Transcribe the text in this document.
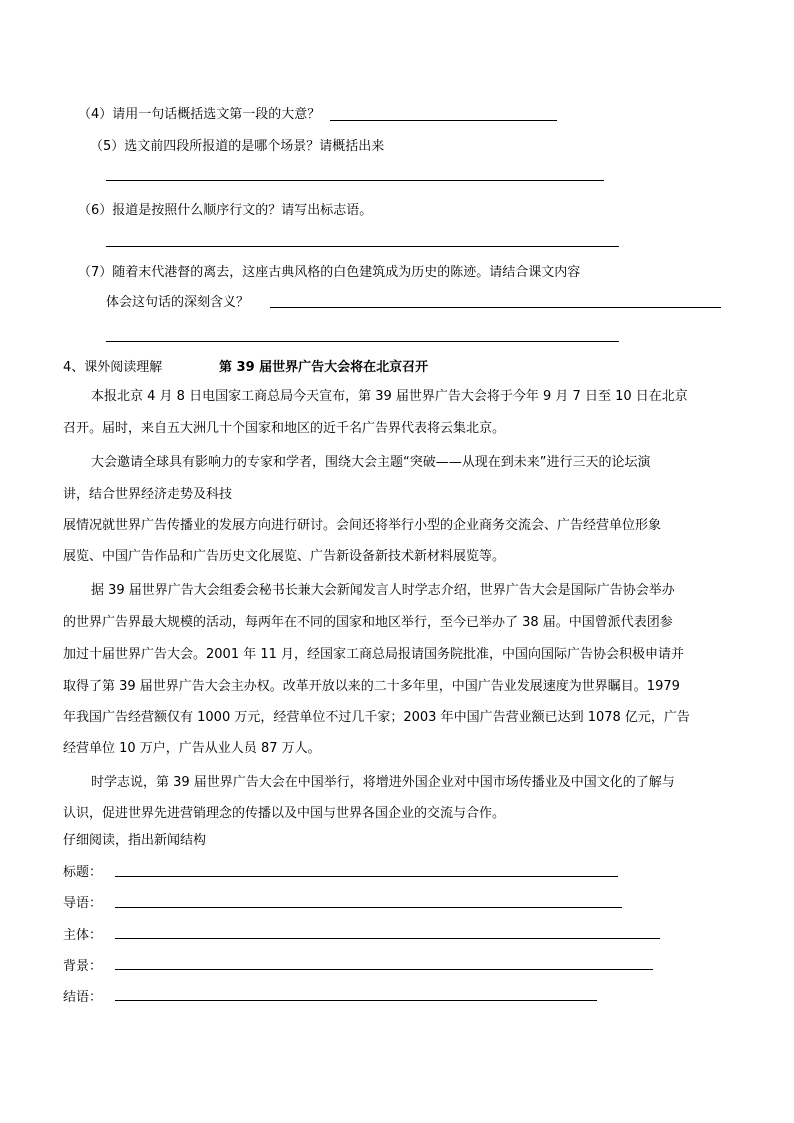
（4）请用一句话概括选文第一段的大意？
（5）选文前四段所报道的是哪个场景？请概括出来
（6）报道是按照什么顺序行文的？请写出标志语。
（7）随着末代港督的离去，这座古典风格的白色建筑成为历史的陈迹。请结合课文内容
体会这句话的深刻含义？
4、课外阅读理解	第 39 届世界广告大会将在北京召开
本报北京 4 月 8 日电国家工商总局今天宣布，第 39 届世界广告大会将于今年 9 月 7 日至 10 日在北京
召开。届时，来自五大洲几十个国家和地区的近千名广告界代表将云集北京。
大会邀请全球具有影响力的专家和学者，围绕大会主题“突破——从现在到未来”进行三天的论坛演
讲，结合世界经济走势及科技
展情况就世界广告传播业的发展方向进行研讨。会间还将举行小型的企业商务交流会、广告经营单位形象
展览、中国广告作品和广告历史文化展览、广告新设备新技术新材料展览等。
据 39 届世界广告大会组委会秘书长兼大会新闻发言人时学志介绍，世界广告大会是国际广告协会举办
的世界广告界最大规模的活动，每两年在不同的国家和地区举行，至今已举办了 38 届。中国曾派代表团参
加过十届世界广告大会。2001 年 11 月，经国家工商总局报请国务院批准，中国向国际广告协会积极申请并
取得了第 39 届世界广告大会主办权。改革开放以来的二十多年里，中国广告业发展速度为世界瞩目。1979
年我国广告经营额仅有 1000 万元，经营单位不过几千家；2003 年中国广告营业额已达到 1078 亿元，广告
经营单位 10 万户，广告从业人员 87 万人。
时学志说，第 39 届世界广告大会在中国举行，将增进外国企业对中国市场传播业及中国文化的了解与
认识，促进世界先进营销理念的传播以及中国与世界各国企业的交流与合作。
仔细阅读，指出新闻结构
标题：
导语：
主体：
背景：
结语：
